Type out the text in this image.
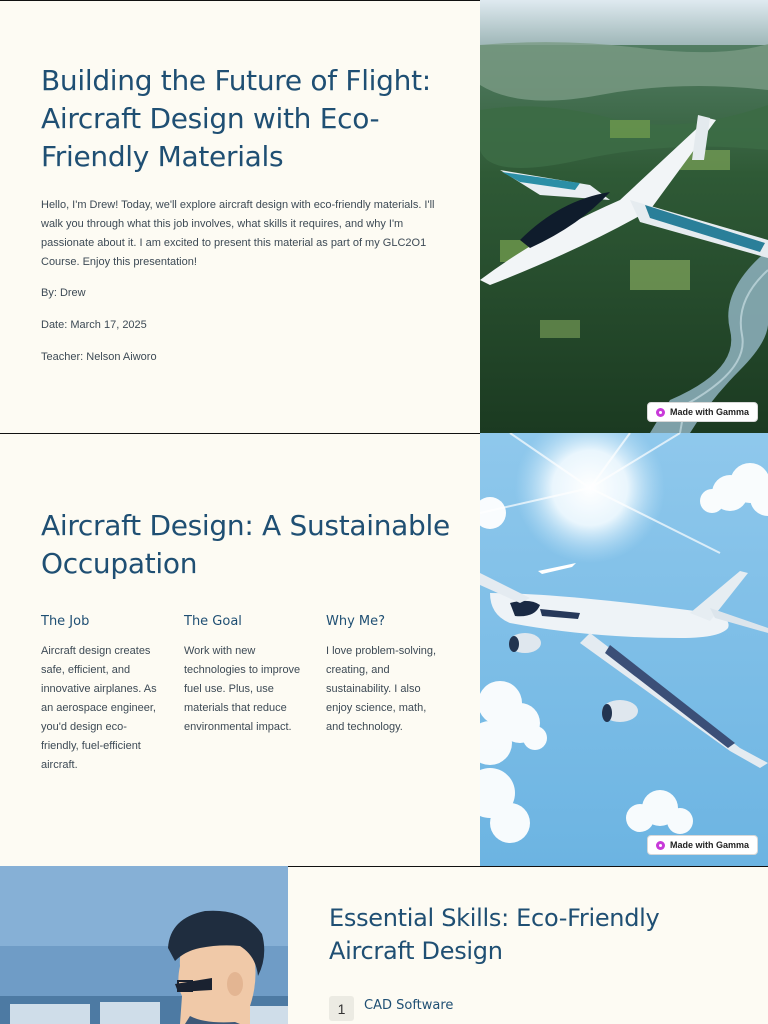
Building the Future of Flight: Aircraft Design with Eco-Friendly Materials

Hello, I'm Drew! Today, we'll explore aircraft design with eco-friendly materials. I'll walk you through what this job involves, what skills it requires, and why I'm passionate about it. I am excited to present this material as part of my GLC2O1 Course. Enjoy this presentation!

By: Drew
Date: March 17, 2025
Teacher: Nelson Aiworo
Made with Gamma
Aircraft Design: A Sustainable Occupation
The Job

Aircraft design creates safe, efficient, and innovative airplanes. As an aerospace engineer, you'd design eco-friendly, fuel-efficient aircraft.

The Goal

Work with new technologies to improve fuel use. Plus, use materials that reduce environmental impact.

Why Me?

I love problem-solving, creating, and sustainability. I also enjoy science, math, and technology.

Made with Gamma
Essential Skills: Eco-Friendly Aircraft Design
1	CAD Software
